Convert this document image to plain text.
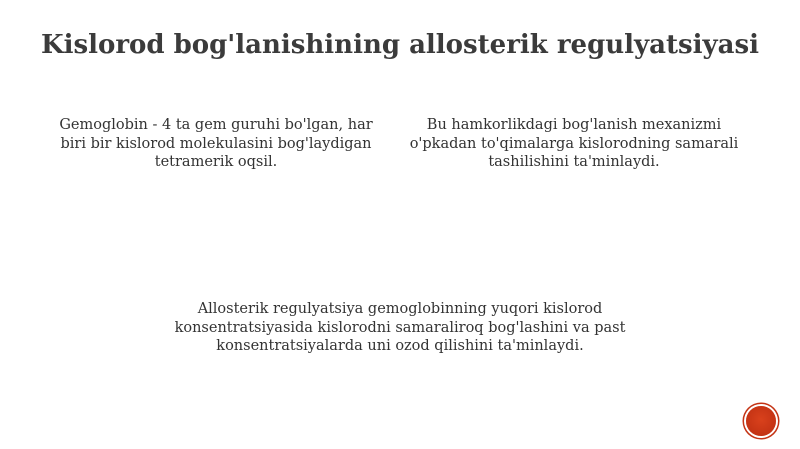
Kislorod bog'lanishining allosterik regulyatsiyasi

Gemoglobin - 4 ta gem guruhi bo'lgan, har
biri bir kislorod molekulasini bog'laydigan
tetramerik oqsil.

Bu hamkorlikdagi bog'lanish mexanizmi
o'pkadan to'qimalarga kislorodning samarali
tashilishini ta'minlaydi.

Allosterik regulyatsiya gemoglobinning yuqori kislorod
konsentratsiyasida kislorodni samaraliroq bog'lashini va past
konsentratsiyalarda uni ozod qilishini ta'minlaydi.
